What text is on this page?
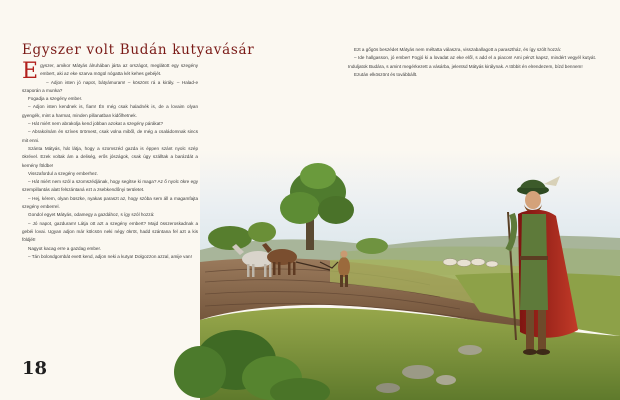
Egyszer volt Budán kutyavásár
E gyszer, amikor Mátyás álruhában járta az országot, meglátott egy szegény embert, aki az ekе szarva mögül nógatta két kehes gebéjét.

– Adjon isten jó napot, bátyámuram! – köszönt rá a király. – Halad-e szaporán a munka?

Fogadja a szegény ember.

– Adjon isten kendnek is, fiam! Én még csak haladnék is, de a lovaim olyan gyengék, mint a harmat, minden pillanatban kidőlhetnek.

– Hát miért nem abrakolja kend jobban azokat a szegény párákat?

– Abrakolnám én szíves örömest, csak volna miből, de még a családomnak sincs mit enni.

Szánta Mátyás, hát látja, hogy a szomszéd gazda is éppen szánt nyolc szép ökrével. Ezek voltak ám a deliség, erős jószágok, csak úgy szálltak a barázdát a kemény földbe!

Visszafordul a szegény emberhez.

– Hát miért nem szól a szomszédjának, hogy segítse ki maga? Az ő nyolc ökre egy szempillantás alatt felszántaná ezt a zsebkendőnyi területet.

– Hej, kérem, olyan büszke, nyakas paraszt az, hogy szóba sem áll a magamfajta szegény emberrel.

Gondol egyet Mátyás, odamegy a gazdához, s így szól hozzá:

– Jó napot, gazduram! Látja ott azt a szegény embert? Majd összeroskadnak a gebéi lovai. Ugyan adjon már kölcsön neki négy ökröt, hadd szántana fel azt a kis földjét!

Nagyot kacag erre a gazdag ember.

– Tán bolondgombát evett kend, adjon neki a kutya! Dolgozzon azzal, amije van!

Ezt a gőgös beszédet Mátyás nem méltatta válaszra, visszaballagott a parasztház, és így szólt hozzá:

– Ide hallgasson, jó ember! Fogjó ki a lovadat az eke elől, s add el a piacon! Ami pénzt kapsz, mindért vegyél kutyát. Induljatok Budára, s amint megérkezett a vásárba, jelentsd Mátyás királynak. A többit én elrendezem, bízd bennem!

Ezután elköszönt és továbbállt.

18
